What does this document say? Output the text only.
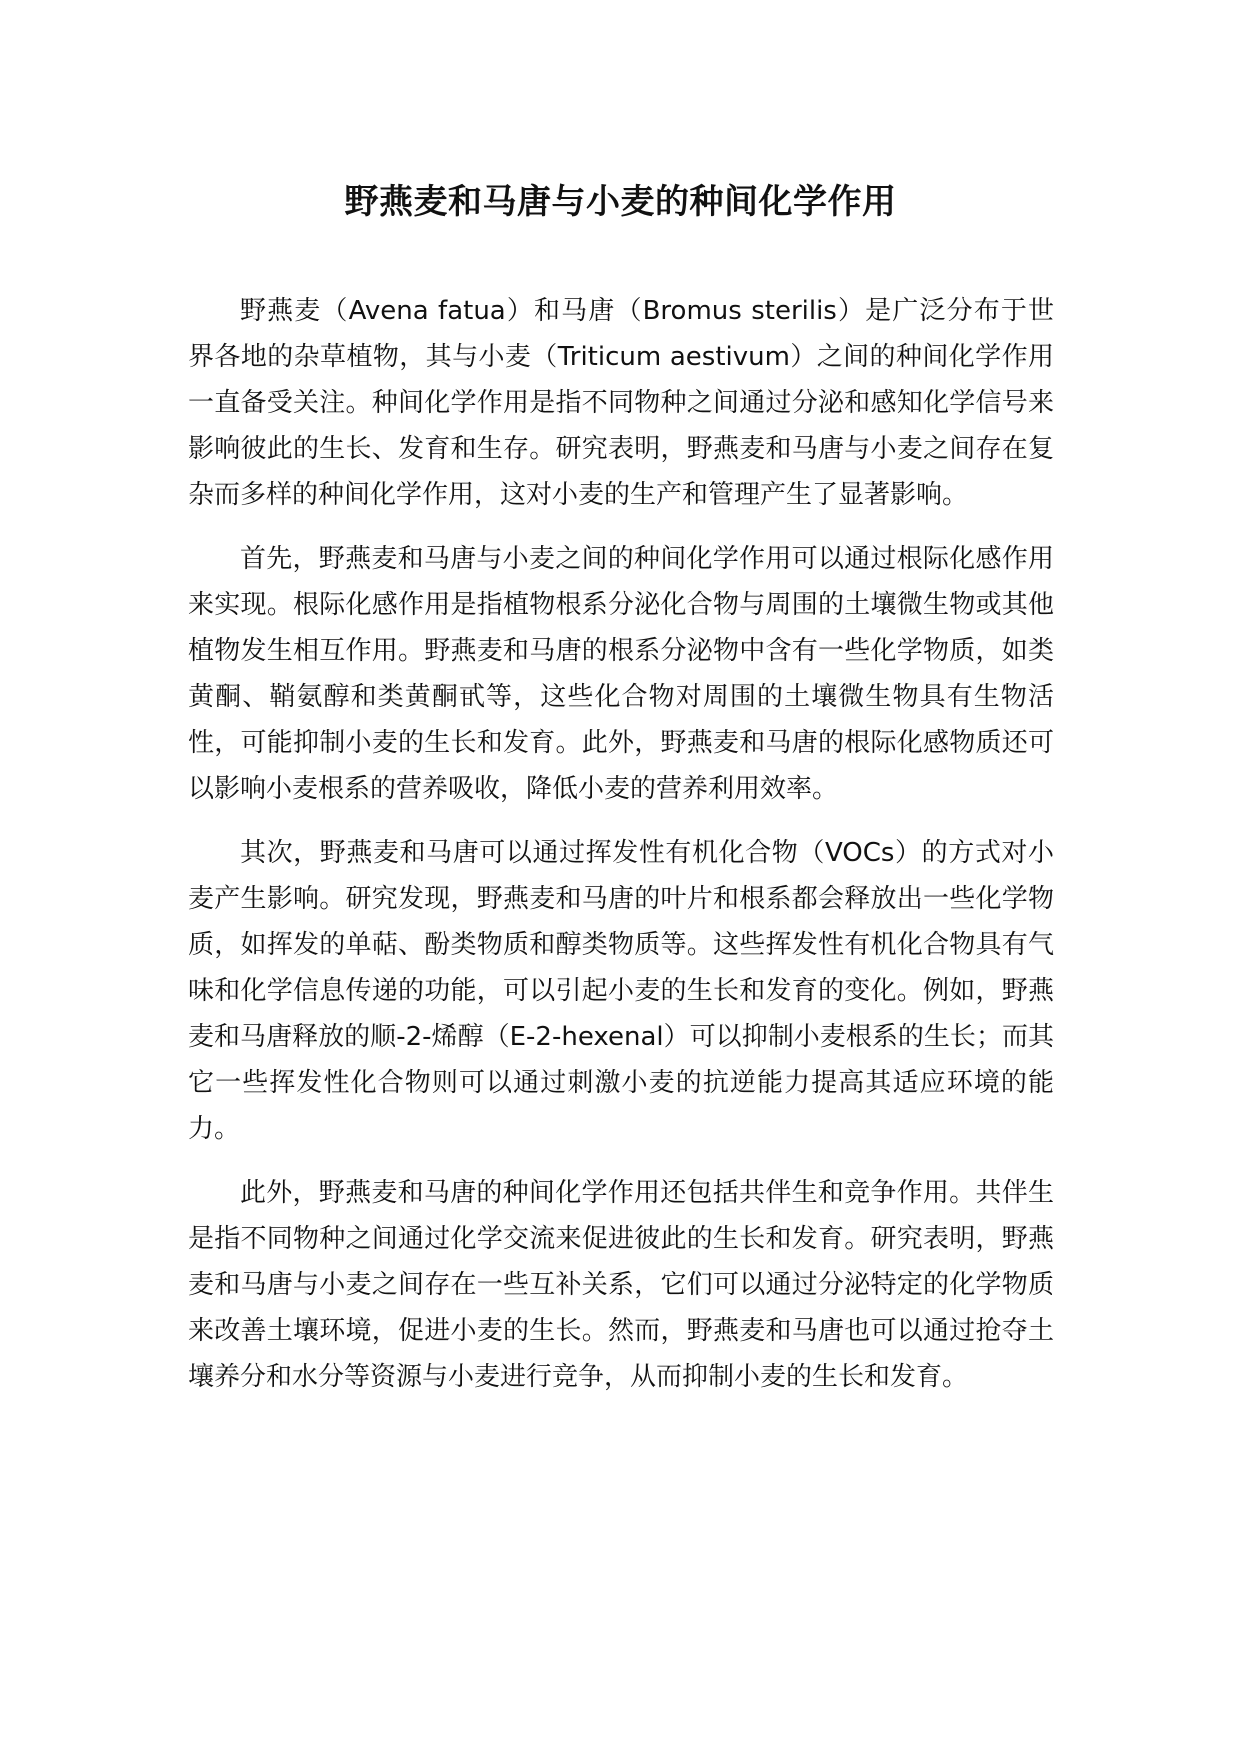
野燕麦和马唐与小麦的种间化学作用

野燕麦（Avena fatua）和马唐（Bromus sterilis）是广泛分布于世界各地的杂草植物，其与小麦（Triticum aestivum）之间的种间化学作用一直备受关注。种间化学作用是指不同物种之间通过分泌和感知化学信号来影响彼此的生长、发育和生存。研究表明，野燕麦和马唐与小麦之间存在复杂而多样的种间化学作用，这对小麦的生产和管理产生了显著影响。

首先，野燕麦和马唐与小麦之间的种间化学作用可以通过根际化感作用来实现。根际化感作用是指植物根系分泌化合物与周围的土壤微生物或其他植物发生相互作用。野燕麦和马唐的根系分泌物中含有一些化学物质，如类黄酮、鞘氨醇和类黄酮甙等，这些化合物对周围的土壤微生物具有生物活性，可能抑制小麦的生长和发育。此外，野燕麦和马唐的根际化感物质还可以影响小麦根系的营养吸收，降低小麦的营养利用效率。

其次，野燕麦和马唐可以通过挥发性有机化合物（VOCs）的方式对小麦产生影响。研究发现，野燕麦和马唐的叶片和根系都会释放出一些化学物质，如挥发的单萜、酚类物质和醇类物质等。这些挥发性有机化合物具有气味和化学信息传递的功能，可以引起小麦的生长和发育的变化。例如，野燕麦和马唐释放的顺-2-烯醇（E-2-hexenal）可以抑制小麦根系的生长；而其它一些挥发性化合物则可以通过刺激小麦的抗逆能力提高其适应环境的能力。

此外，野燕麦和马唐的种间化学作用还包括共伴生和竞争作用。共伴生是指不同物种之间通过化学交流来促进彼此的生长和发育。研究表明，野燕麦和马唐与小麦之间存在一些互补关系，它们可以通过分泌特定的化学物质来改善土壤环境，促进小麦的生长。然而，野燕麦和马唐也可以通过抢夺土壤养分和水分等资源与小麦进行竞争，从而抑制小麦的生长和发育。
